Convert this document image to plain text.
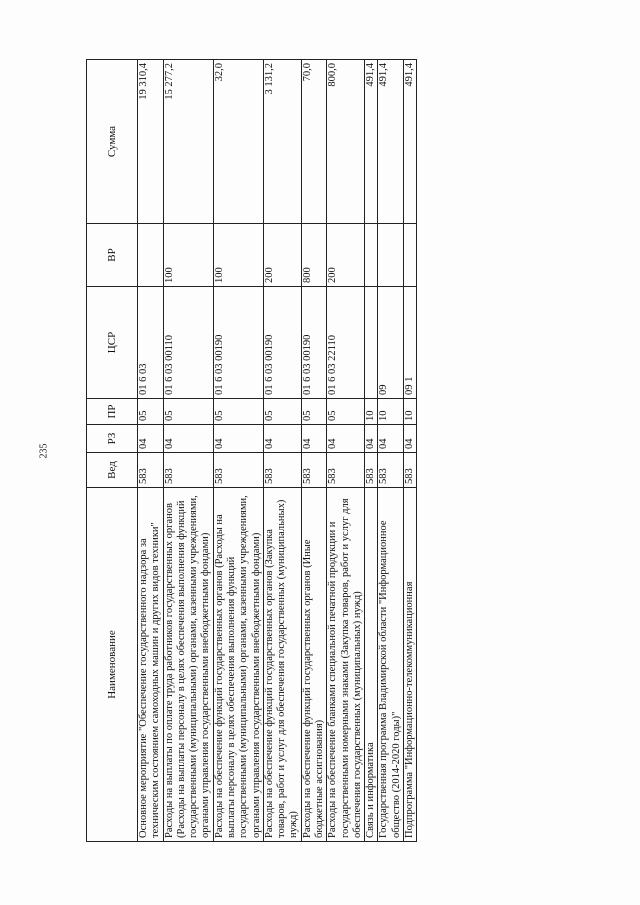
235
Наименование	Вед	РЗ	ПР	ЦСР	ВР	Сумма
Основное мероприятие "Обеспечение государственного надзора за техническим состоянием самоходных машин и других видов техники"	583	04	05	01 6 03		19 310,4
Расходы на выплаты по оплате труда работников государственных органов (Расходы на выплаты персоналу в целях обеспечения выполнения функций государственными (муниципальными) органами, казенными учреждениями, органами управления государственными внебюджетными фондами)	583	04	05	01 6 03 00110	100	15 277,2
Расходы на обеспечение функций государственных органов (Расходы на выплаты персоналу в целях обеспечения выполнения функций государственными (муниципальными) органами, казенными учреждениями, органами управления государственными внебюджетными фондами)	583	04	05	01 6 03 00190	100	32,0
Расходы на обеспечение функций государственных органов (Закупка товаров, работ и услуг для обеспечения государственных (муниципальных) нужд)	583	04	05	01 6 03 00190	200	3 131,2
Расходы на обеспечение функций государственных органов (Иные бюджетные ассигнования)	583	04	05	01 6 03 00190	800	70,0
Расходы на обеспечение бланками специальной печатной продукции и государственными номерными знаками (Закупка товаров, работ и услуг для обеспечения государственных (муниципальных) нужд)	583	04	05	01 6 03 22110	200	800,0
Связь и информатика	583	04	10			491,4
Государственная программа Владимирской области "Информационное общество (2014-2020 годы)"	583	04	10	09		491,4
Подпрограмма "Информационно-телекоммуникационная	583	04	10	09 1		491,4
